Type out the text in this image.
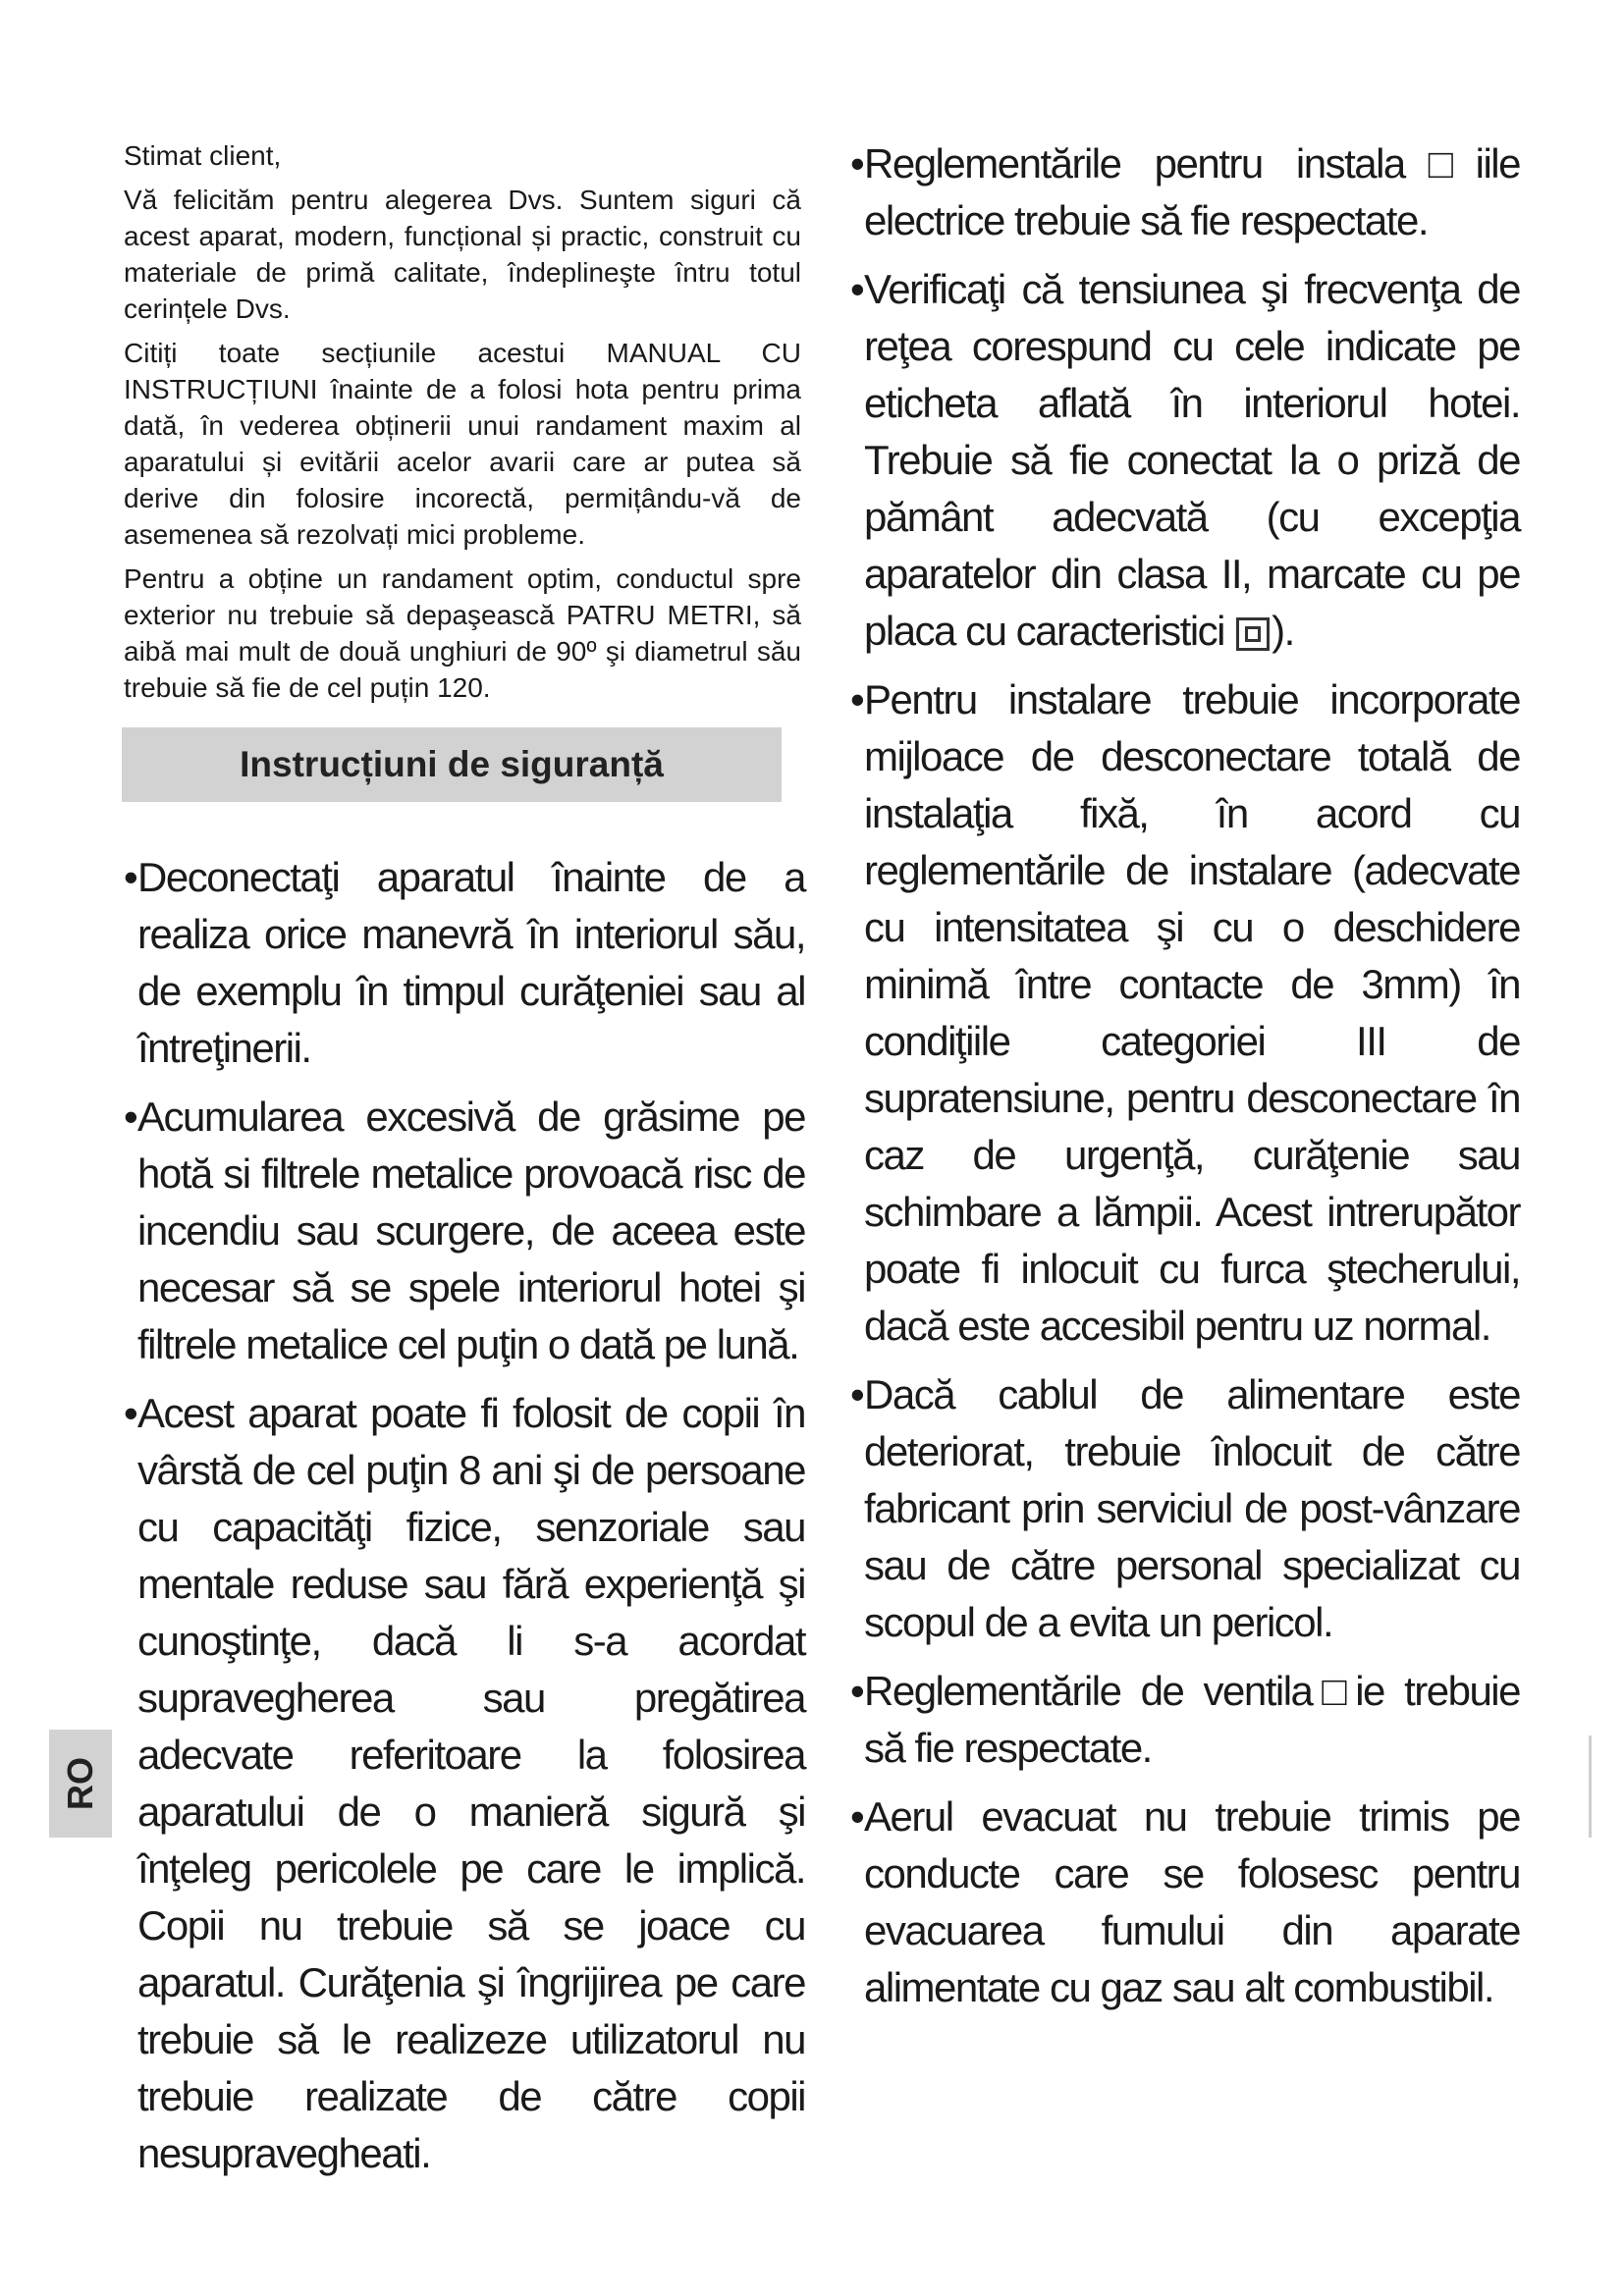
Stimat client,

Vă felicităm pentru alegerea Dvs. Suntem siguri că acest aparat, modern, funcțional și practic, construit cu materiale de primă calitate, îndeplineşte întru totul cerințele Dvs.

Citiți toate secțiunile acestui MANUAL CU INSTRUCȚIUNI înainte de a folosi hota pentru prima dată, în vederea obținerii unui randament maxim al aparatului și evitării acelor avarii care ar putea să derive din folosire incorectă, permițându-vă de asemenea să rezolvați mici probleme.

Pentru a obține un randament optim, conductul spre exterior nu trebuie să depaşească PATRU METRI, să aibă mai mult de două unghiuri de 90º şi diametrul său trebuie să fie de cel puțin 120.

Instrucțiuni de siguranță
• Deconectaţi aparatul înainte de a realiza orice manevră în interiorul său, de exemplu în timpul curăţeniei sau al întreţinerii.
• Acumularea excesivă de grăsime pe hotă si filtrele metalice provoacă risc de incendiu sau scurgere, de aceea este necesar să se spele interiorul hotei şi filtrele metalice cel puţin o dată pe lună.
• Acest aparat poate fi folosit de copii în vârstă de cel puţin 8 ani şi de persoane cu capacităţi fizice, senzoriale sau mentale reduse sau fără experienţă şi cunoştinţe, dacă li s-a acordat supravegherea sau pregătirea adecvate referitoare la folosirea aparatului de o manieră sigură şi înţeleg pericolele pe care le implică. Copii nu trebuie să se joace cu aparatul. Curăţenia şi îngrijirea pe care trebuie să le realizeze utilizatorul nu trebuie realizate de către copii nesupravegheati.
• Reglementările pentru instala□iile electrice trebuie să fie respectate.
• Verificaţi că tensiunea şi frecvenţa de reţea corespund cu cele indicate pe eticheta aflată în interiorul hotei. Trebuie să fie conectat la o priză de pământ adecvată (cu excepţia aparatelor din clasa II, marcate cu pe placa cu caracteristici ).
• Pentru instalare trebuie incorporate mijloace de desconectare totală de instalaţia fixă, în acord cu reglementările de instalare (adecvate cu intensitatea şi cu o deschidere minimă între contacte de 3mm) în condiţiile categoriei III de supratensiune, pentru desconectare în caz de urgenţă, curăţenie sau schimbare a lămpii. Acest intrerupător poate fi inlocuit cu furca ştecherului, dacă este accesibil pentru uz normal.
• Dacă cablul de alimentare este deteriorat, trebuie înlocuit de către fabricant prin serviciul de post-vânzare sau de către personal specializat cu scopul de a evita un pericol.
• Reglementările de ventila□ie trebuie să fie respectate.
• Aerul evacuat nu trebuie trimis pe conducte care se folosesc pentru evacuarea fumului din aparate alimentate cu gaz sau alt combustibil.
RO
